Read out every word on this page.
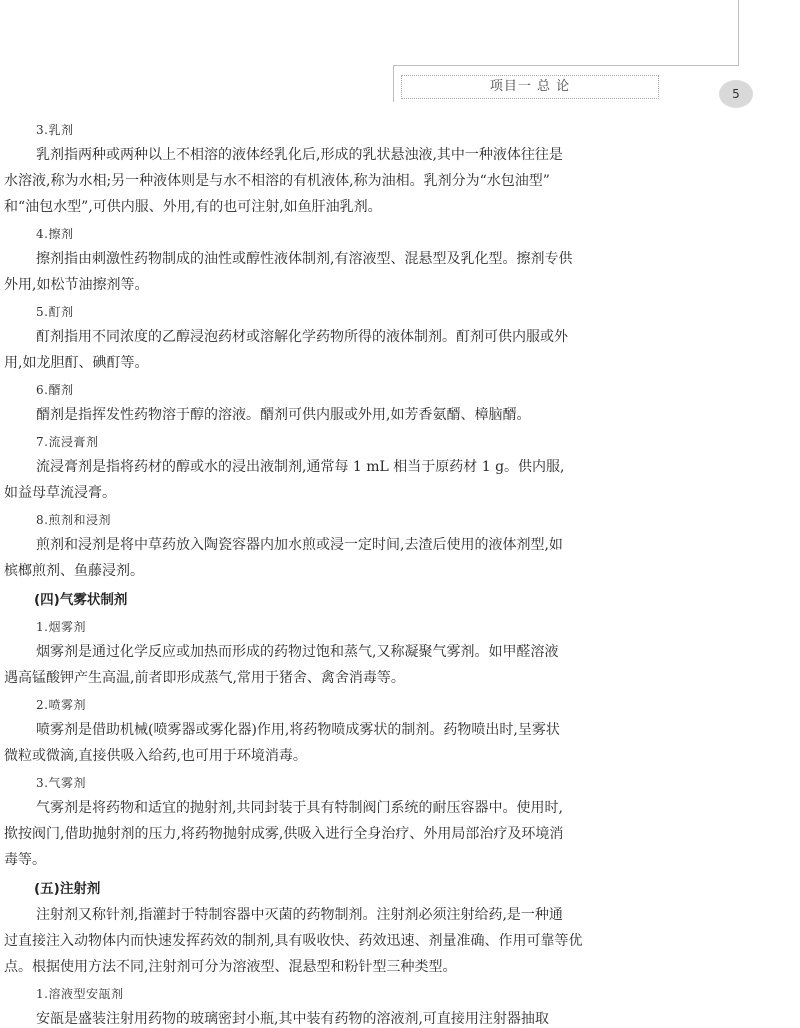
项目一 总 论	5
3.乳剂
乳剂指两种或两种以上不相溶的液体经乳化后,形成的乳状悬浊液,其中一种液体往往是
水溶液,称为水相;另一种液体则是与水不相溶的有机液体,称为油相。乳剂分为“水包油型”
和“油包水型”,可供内服、外用,有的也可注射,如鱼肝油乳剂。
4.擦剂
擦剂指由刺激性药物制成的油性或醇性液体制剂,有溶液型、混悬型及乳化型。擦剂专供
外用,如松节油擦剂等。
5.酊剂
酊剂指用不同浓度的乙醇浸泡药材或溶解化学药物所得的液体制剂。酊剂可供内服或外
用,如龙胆酊、碘酊等。
6.醑剂
醑剂是指挥发性药物溶于醇的溶液。醑剂可供内服或外用,如芳香氨醑、樟脑醑。
7.流浸膏剂
流浸膏剂是指将药材的醇或水的浸出液制剂,通常每 1 mL 相当于原药材 1 g。供内服,
如益母草流浸膏。
8.煎剂和浸剂
煎剂和浸剂是将中草药放入陶瓷容器内加水煎或浸一定时间,去渣后使用的液体剂型,如
槟榔煎剂、鱼藤浸剂。
(四)气雾状制剂
1.烟雾剂
烟雾剂是通过化学反应或加热而形成的药物过饱和蒸气,又称凝聚气雾剂。如甲醛溶液
遇高锰酸钾产生高温,前者即形成蒸气,常用于猪舍、禽舍消毒等。
2.喷雾剂
喷雾剂是借助机械(喷雾器或雾化器)作用,将药物喷成雾状的制剂。药物喷出时,呈雾状
微粒或微滴,直接供吸入给药,也可用于环境消毒。
3.气雾剂
气雾剂是将药物和适宜的抛射剂,共同封装于具有特制阀门系统的耐压容器中。使用时,
揿按阀门,借助抛射剂的压力,将药物抛射成雾,供吸入进行全身治疗、外用局部治疗及环境消
毒等。
(五)注射剂
注射剂又称针剂,指灌封于特制容器中灭菌的药物制剂。注射剂必须注射给药,是一种通
过直接注入动物体内而快速发挥药效的制剂,具有吸收快、药效迅速、剂量准确、作用可靠等优
点。根据使用方法不同,注射剂可分为溶液型、混悬型和粉针型三种类型。
1.溶液型安瓿剂
安瓿是盛装注射用药物的玻璃密封小瓶,其中装有药物的溶液剂,可直接用注射器抽取
